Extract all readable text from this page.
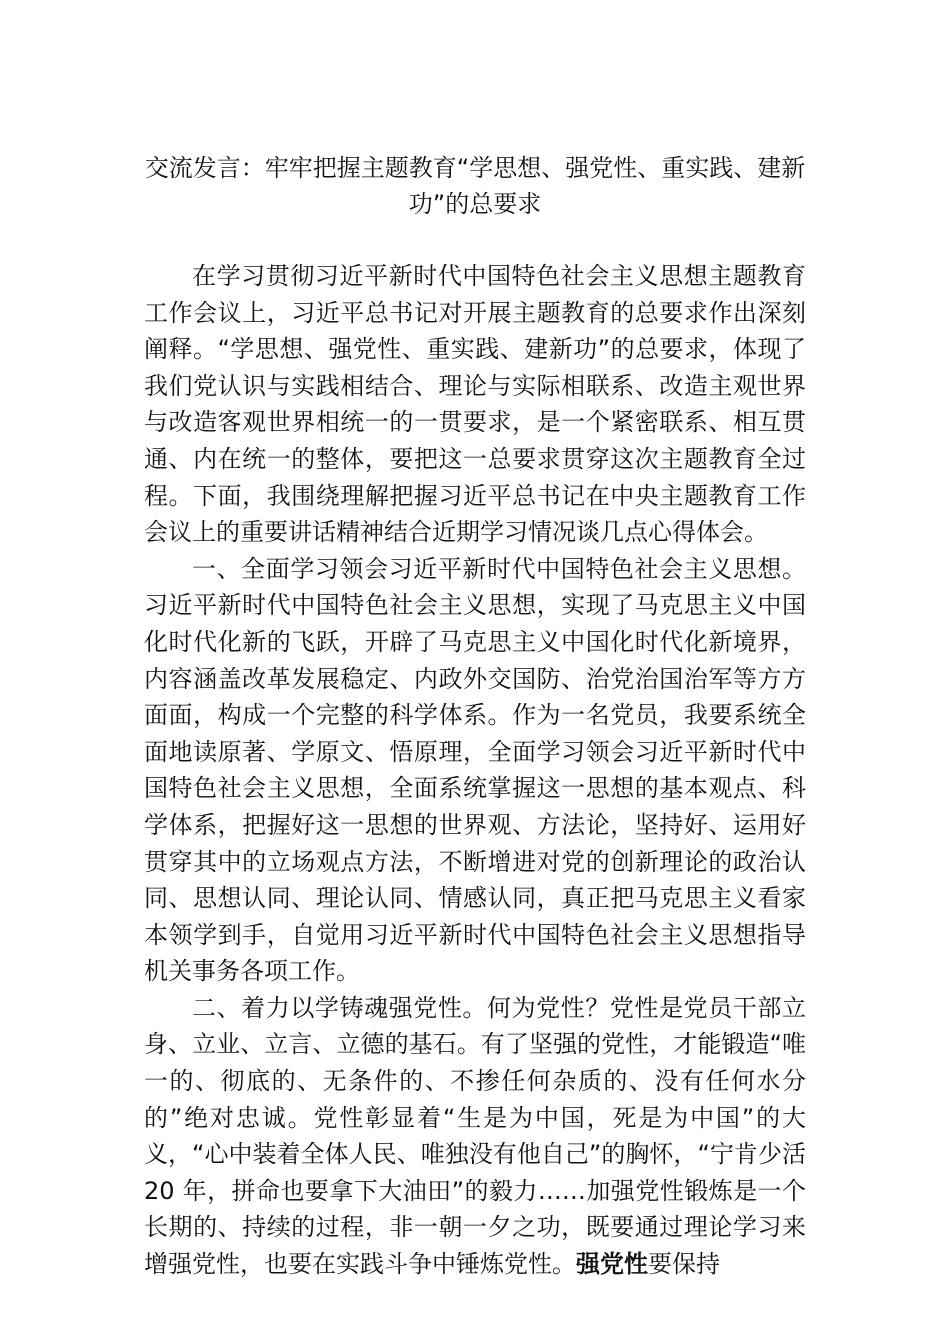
交流发言：牢牢把握主题教育“学思想、强党性、重实践、建新功”的总要求

在学习贯彻习近平新时代中国特色社会主义思想主题教育工作会议上，习近平总书记对开展主题教育的总要求作出深刻阐释。“学思想、强党性、重实践、建新功”的总要求，体现了我们党认识与实践相结合、理论与实际相联系、改造主观世界与改造客观世界相统一的一贯要求，是一个紧密联系、相互贯通、内在统一的整体，要把这一总要求贯穿这次主题教育全过程。下面，我围绕理解把握习近平总书记在中央主题教育工作会议上的重要讲话精神结合近期学习情况谈几点心得体会。

一、全面学习领会习近平新时代中国特色社会主义思想。习近平新时代中国特色社会主义思想，实现了马克思主义中国化时代化新的飞跃，开辟了马克思主义中国化时代化新境界，内容涵盖改革发展稳定、内政外交国防、治党治国治军等方方面面，构成一个完整的科学体系。作为一名党员，我要系统全面地读原著、学原文、悟原理，全面学习领会习近平新时代中国特色社会主义思想，全面系统掌握这一思想的基本观点、科学体系，把握好这一思想的世界观、方法论，坚持好、运用好贯穿其中的立场观点方法，不断增进对党的创新理论的政治认同、思想认同、理论认同、情感认同，真正把马克思主义看家本领学到手，自觉用习近平新时代中国特色社会主义思想指导机关事务各项工作。

二、着力以学铸魂强党性。何为党性？党性是党员干部立身、立业、立言、立德的基石。有了坚强的党性，才能锻造“唯一的、彻底的、无条件的、不掺任何杂质的、没有任何水分的”绝对忠诚。党性彰显着“生是为中国，死是为中国”的大义，“心中装着全体人民、唯独没有他自己”的胸怀，“宁肯少活 20 年，拼命也要拿下大油田”的毅力……加强党性锻炼是一个长期的、持续的过程，非一朝一夕之功，既要通过理论学习来增强党性，也要在实践斗争中锤炼党性。强党性要保持
